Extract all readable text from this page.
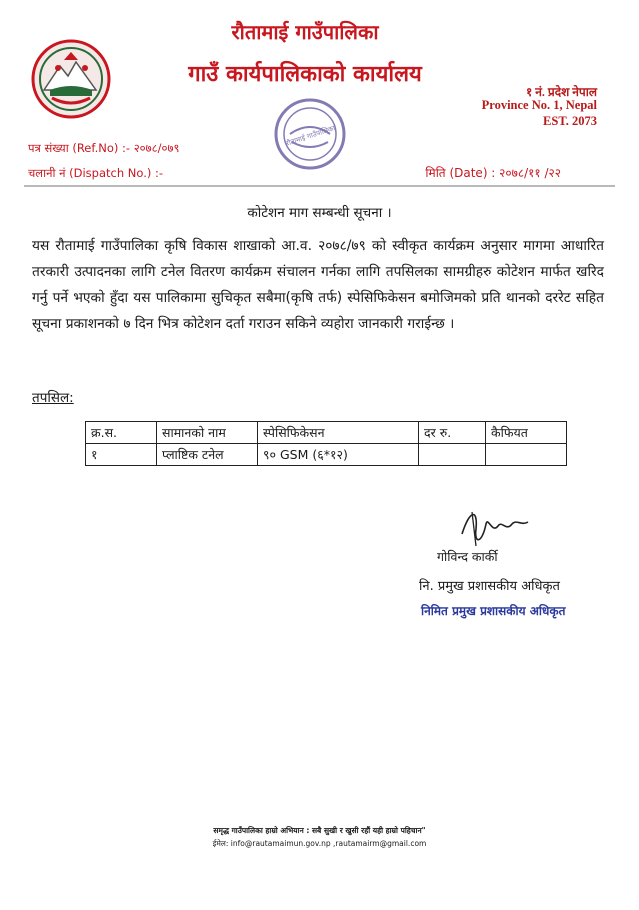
रौतामाई गाउँपालिका
गाउँ कार्यपालिकाको कार्यालय
१ नं. प्रदेश नेपाल
Province No. 1, Nepal
EST. 2073
रौतामाई गाउँपालिका
पत्र संख्या (Ref.No) :- २०७८/०७९
चलानी नं (Dispatch No.) :-	मिति (Date) : २०७८/११ /२२
कोटेशन माग सम्बन्धी सूचना ।
यस रौतामाई गाउँपालिका कृषि विकास शाखाको आ.व. २०७८/७९ को स्वीकृत कार्यक्रम अनुसार मागमा आधारित तरकारी उत्पादनका लागि टनेल वितरण कार्यक्रम संचालन गर्नका लागि तपसिलका सामग्रीहरु कोटेशन मार्फत खरिद गर्नु पर्ने भएको हुँदा यस पालिकामा सुचिकृत सबैमा(कृषि तर्फ) स्पेसिफिकेसन बमोजिमको प्रति थानको दररेट सहित सूचना प्रकाशनको ७ दिन भित्र कोटेशन दर्ता गराउन सकिने व्यहोरा जानकारी गराईन्छ ।
तपसिल:
क्र.स.	सामानको नाम	स्पेसिफिकेसन	दर रु.	कैफियत
१	प्लाष्टिक टनेल	९० GSM (६*१२)		
गोविन्द कार्की
नि. प्रमुख प्रशासकीय अधिकृत
निमित प्रमुख प्रशासकीय अधिकृत
समृद्ध गाउँपालिका हाम्रो अभियान : सबै सुखी र खुसी रहौं यही हाम्रो पहिचान"
ईमेल: info@rautamaimun.gov.np ,rautamairm@gmail.com
